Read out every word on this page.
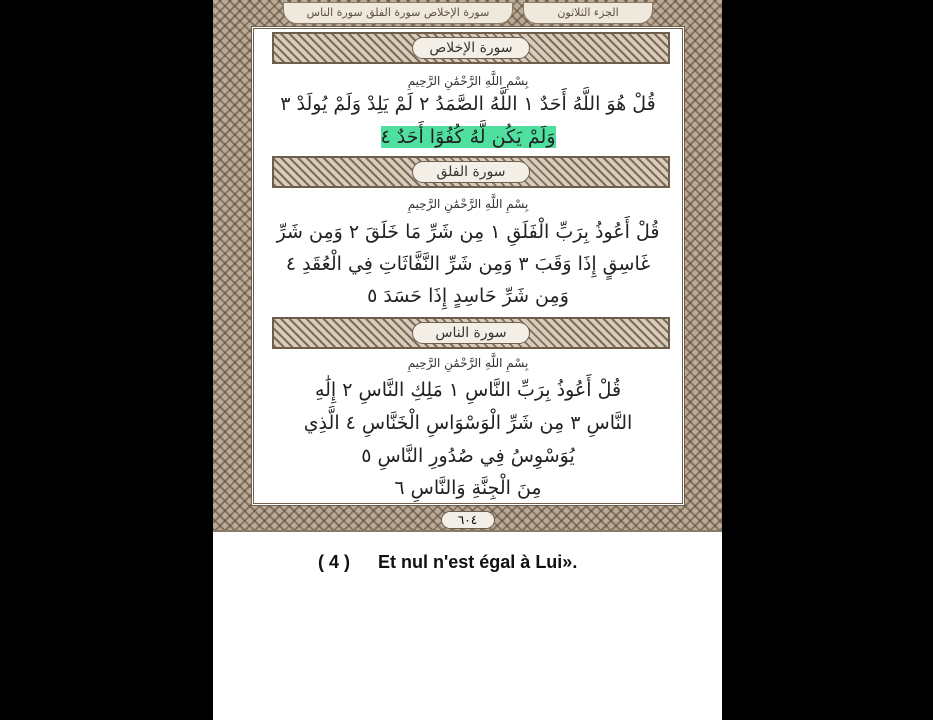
سورة الإخلاص سورة الفلق سورة الناس	الجزء الثلاثون
سورة الإخلاص
بِسْمِ اللَّهِ الرَّحْمَٰنِ الرَّحِيمِ
قُلْ هُوَ اللَّهُ أَحَدٌ ١ اللَّهُ الصَّمَدُ ٢ لَمْ يَلِدْ وَلَمْ يُولَدْ ٣
وَلَمْ يَكُن لَّهُ كُفُوًا أَحَدٌ ٤
سورة الفلق
بِسْمِ اللَّهِ الرَّحْمَٰنِ الرَّحِيمِ
قُلْ أَعُوذُ بِرَبِّ الْفَلَقِ ١ مِن شَرِّ مَا خَلَقَ ٢ وَمِن شَرِّ
غَاسِقٍ إِذَا وَقَبَ ٣ وَمِن شَرِّ النَّفَّاثَاتِ فِي الْعُقَدِ ٤
وَمِن شَرِّ حَاسِدٍ إِذَا حَسَدَ ٥
سورة الناس
بِسْمِ اللَّهِ الرَّحْمَٰنِ الرَّحِيمِ
قُلْ أَعُوذُ بِرَبِّ النَّاسِ ١ مَلِكِ النَّاسِ ٢ إِلَٰهِ
النَّاسِ ٣ مِن شَرِّ الْوَسْوَاسِ الْخَنَّاسِ ٤ الَّذِي
يُوَسْوِسُ فِي صُدُورِ النَّاسِ ٥
مِنَ الْجِنَّةِ وَالنَّاسِ ٦
٦٠٤
( 4 ) Et nul n'est égal à Lui».
